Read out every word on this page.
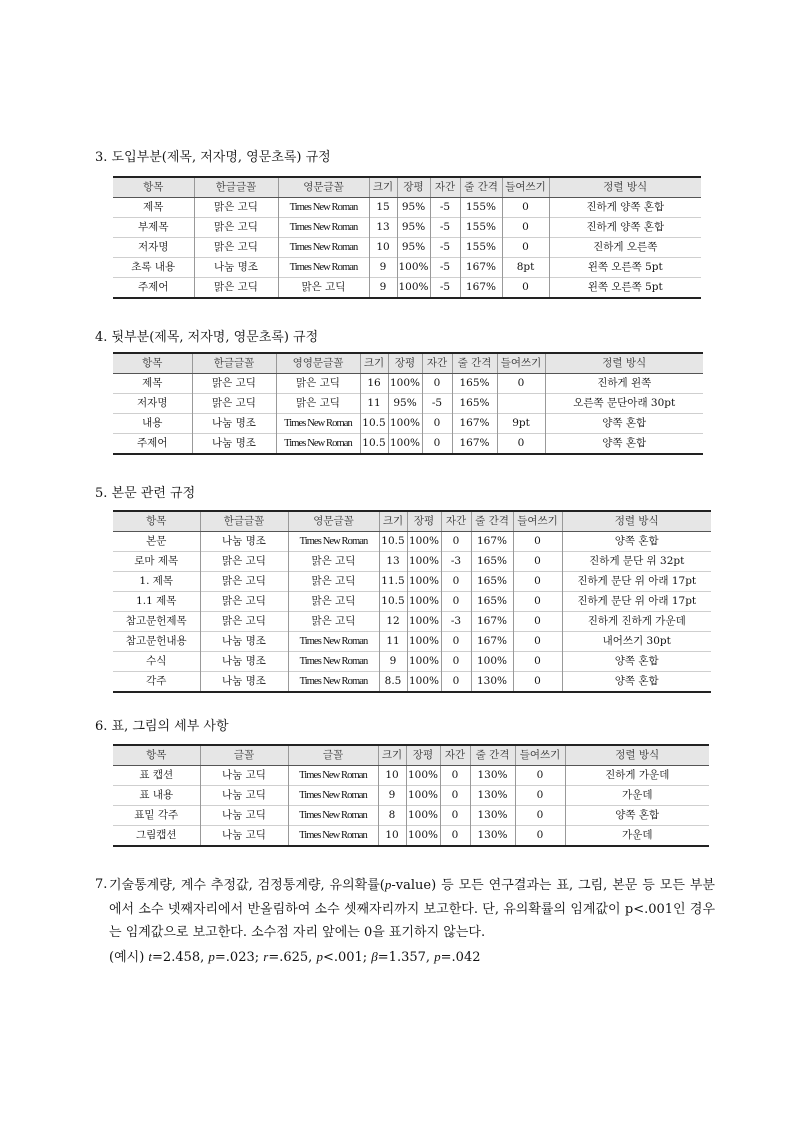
3. 도입부분(제목, 저자명, 영문초록) 규정
항목	한글글꼴	영문글꼴	크기	장평	자간	줄 간격	들여쓰기	정렬 방식
제목	맑은 고딕	Times New Roman	15	95%	-5	155%	0	진하게 양쪽 혼합
부제목	맑은 고딕	Times New Roman	13	95%	-5	155%	0	진하게 양쪽 혼합
저자명	맑은 고딕	Times New Roman	10	95%	-5	155%	0	진하게 오른쪽
초록 내용	나눔 명조	Times New Roman	9	100%	-5	167%	8pt	왼쪽 오른쪽 5pt
주제어	맑은 고딕	맑은 고딕	9	100%	-5	167%	0	왼쪽 오른쪽 5pt
4. 뒷부분(제목, 저자명, 영문초록) 규정
항목	한글글꼴	영영문글꼴	크기	장평	자간	줄 간격	들여쓰기	정렬 방식
제목	맑은 고딕	맑은 고딕	16	100%	0	165%	0	진하게 왼쪽
저자명	맑은 고딕	맑은 고딕	11	95%	-5	165%		오른쪽 문단아래 30pt
내용	나눔 명조	Times New Roman	10.5	100%	0	167%	9pt	양쪽 혼합
주제어	나눔 명조	Times New Roman	10.5	100%	0	167%	0	양쪽 혼합
5. 본문 관련 규정
항목	한글글꼴	영문글꼴	크기	장평	자간	줄 간격	들여쓰기	정렬 방식
본문	나눔 명조	Times New Roman	10.5	100%	0	167%	0	양쪽 혼합
로마 제목	맑은 고딕	맑은 고딕	13	100%	-3	165%	0	진하게 문단 위 32pt
1. 제목	맑은 고딕	맑은 고딕	11.5	100%	0	165%	0	진하게 문단 위 아래 17pt
1.1 제목	맑은 고딕	맑은 고딕	10.5	100%	0	165%	0	진하게 문단 위 아래 17pt
참고문헌제목	맑은 고딕	맑은 고딕	12	100%	-3	167%	0	진하게 진하게 가운데
참고문헌내용	나눔 명조	Times New Roman	11	100%	0	167%	0	내어쓰기 30pt
수식	나눔 명조	Times New Roman	9	100%	0	100%	0	양쪽 혼합
각주	나눔 명조	Times New Roman	8.5	100%	0	130%	0	양쪽 혼합
6. 표, 그림의 세부 사항
항목	글꼴	글꼴	크기	장평	자간	줄 간격	들여쓰기	정렬 방식
표 캡션	나눔 고딕	Times New Roman	10	100%	0	130%	0	진하게 가운데
표 내용	나눔 고딕	Times New Roman	9	100%	0	130%	0	가운데
표밑 각주	나눔 고딕	Times New Roman	8	100%	0	130%	0	양쪽 혼합
그림캡션	나눔 고딕	Times New Roman	10	100%	0	130%	0	가운데
7. 기술통계량, 계수 추정값, 검정통계량, 유의확률(p-value) 등 모든 연구결과는 표, 그림, 본문 등 모든 부분에서 소수 넷째자리에서 반올림하여 소수 셋째자리까지 보고한다. 단, 유의확률의 임계값이 p<.001인 경우는 임계값으로 보고한다. 소수점 자리 앞에는 0을 표기하지 않는다.

(예시) t=2.458, p=.023; r=.625, p<.001; β=1.357, p=.042
